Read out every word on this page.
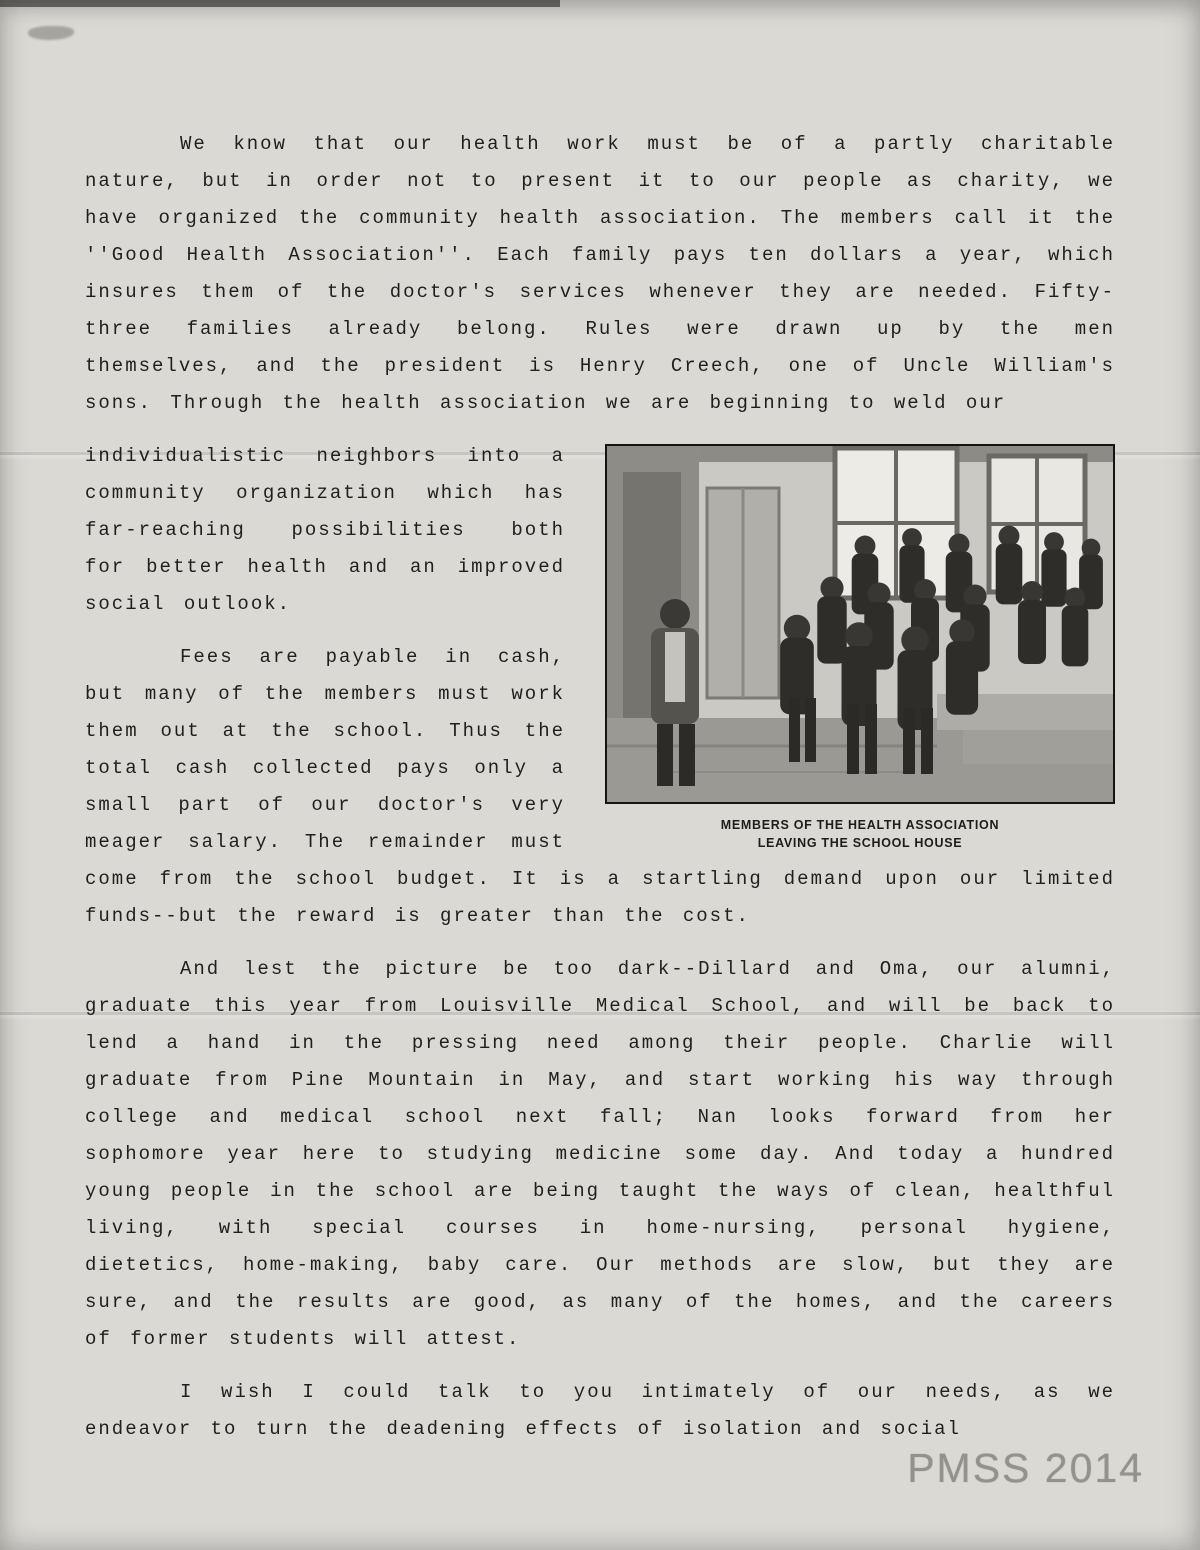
We know that our health work must be of a partly charitable nature, but in order not to present it to our people as charity, we have organized the community health association. The members call it the ''Good Health Association''. Each family pays ten dollars a year, which insures them of the doctor's services whenever they are needed. Fifty-three families already belong. Rules were drawn up by the men themselves, and the president is Henry Creech, one of Uncle William's sons. Through the health association we are beginning to weld our

MEMBERS OF THE HEALTH ASSOCIATION
LEAVING THE SCHOOL HOUSE

individualistic neighbors into a community organization which has far-reaching possibilities both for better health and an improved social outlook.

Fees are payable in cash, but many of the members must work them out at the school. Thus the total cash collected pays only a small part of our doctor's very meager salary. The remainder must come from the school budget. It is a startling demand upon our limited funds--but the reward is greater than the cost.

And lest the picture be too dark--Dillard and Oma, our alumni, graduate this year from Louisville Medical School, and will be back to lend a hand in the pressing need among their people. Charlie will graduate from Pine Mountain in May, and start working his way through college and medical school next fall; Nan looks forward from her sophomore year here to studying medicine some day. And today a hundred young people in the school are being taught the ways of clean, healthful living, with special courses in home-nursing, personal hygiene, dietetics, home-making, baby care. Our methods are slow, but they are sure, and the results are good, as many of the homes, and the careers of former students will attest.

I wish I could talk to you intimately of our needs, as we endeavor to turn the deadening effects of isolation and social

PMSS 2014
